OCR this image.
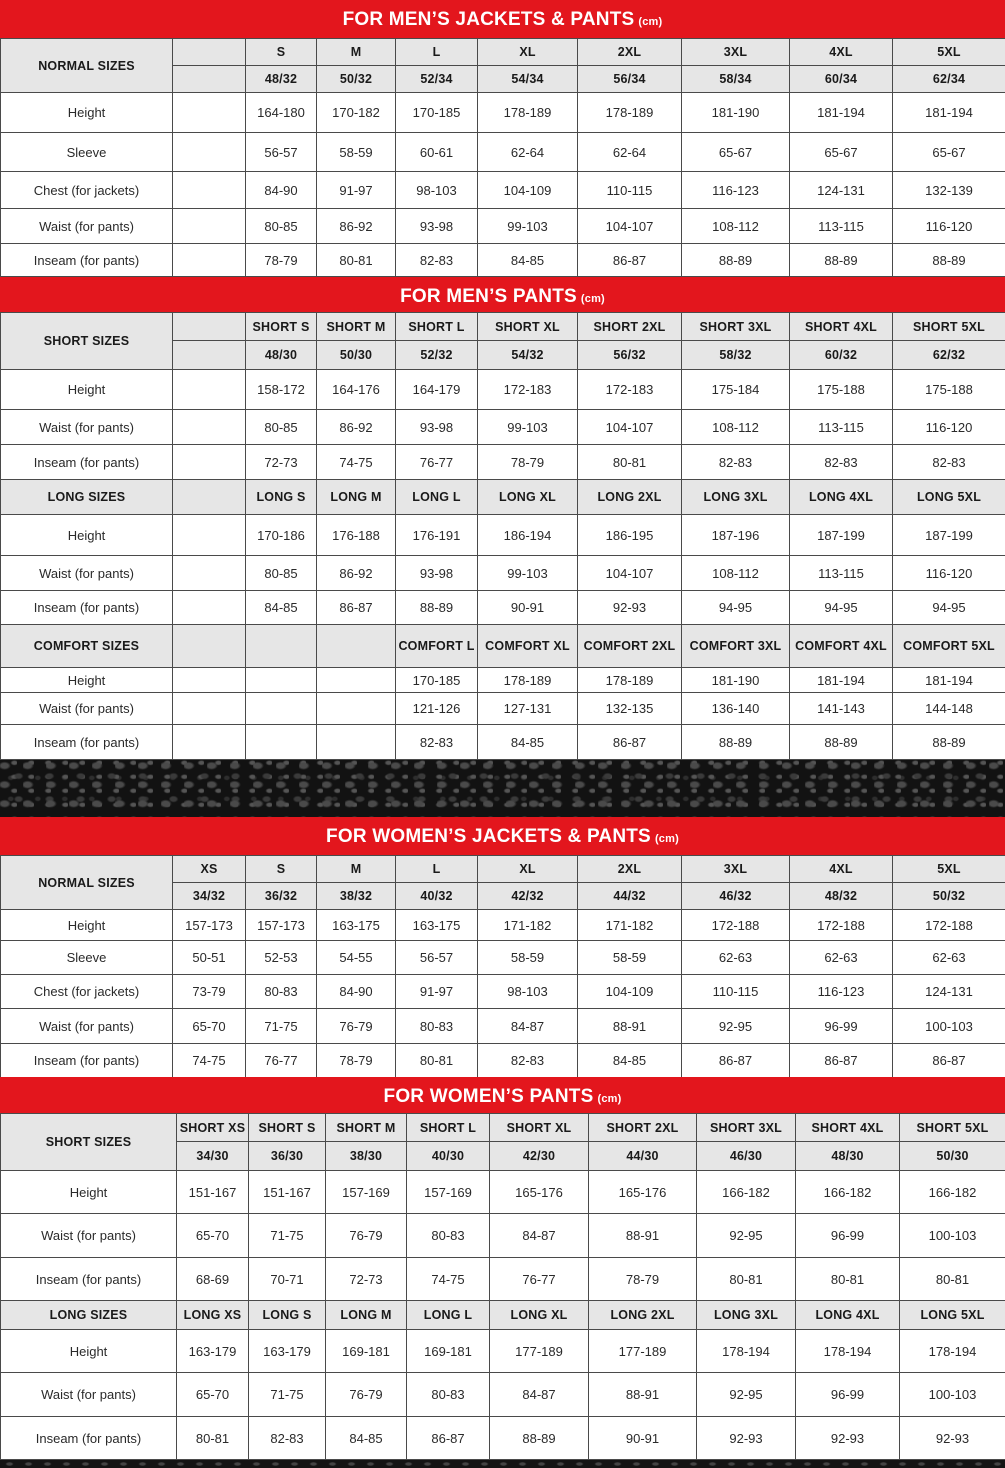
FOR MEN’S JACKETS & PANTS (cm)
NORMAL SIZES		S	M	L	XL	2XL	3XL	4XL	5XL
		48/32	50/32	52/34	54/34	56/34	58/34	60/34	62/34
Height		164-180	170-182	170-185	178-189	178-189	181-190	181-194	181-194
Sleeve		56-57	58-59	60-61	62-64	62-64	65-67	65-67	65-67
Chest (for jackets)		84-90	91-97	98-103	104-109	110-115	116-123	124-131	132-139
Waist (for pants)		80-85	86-92	93-98	99-103	104-107	108-112	113-115	116-120
Inseam (for pants)		78-79	80-81	82-83	84-85	86-87	88-89	88-89	88-89
FOR MEN’S PANTS (cm)
SHORT SIZES		SHORT S	SHORT M	SHORT L	SHORT XL	SHORT 2XL	SHORT 3XL	SHORT 4XL	SHORT 5XL
		48/30	50/30	52/32	54/32	56/32	58/32	60/32	62/32
Height		158-172	164-176	164-179	172-183	172-183	175-184	175-188	175-188
Waist (for pants)		80-85	86-92	93-98	99-103	104-107	108-112	113-115	116-120
Inseam (for pants)		72-73	74-75	76-77	78-79	80-81	82-83	82-83	82-83
LONG SIZES		LONG S	LONG M	LONG L	LONG XL	LONG 2XL	LONG 3XL	LONG 4XL	LONG 5XL
Height		170-186	176-188	176-191	186-194	186-195	187-196	187-199	187-199
Waist (for pants)		80-85	86-92	93-98	99-103	104-107	108-112	113-115	116-120
Inseam (for pants)		84-85	86-87	88-89	90-91	92-93	94-95	94-95	94-95
COMFORT SIZES				COMFORT L	COMFORT XL	COMFORT 2XL	COMFORT 3XL	COMFORT 4XL	COMFORT 5XL
Height				170-185	178-189	178-189	181-190	181-194	181-194
Waist (for pants)				121-126	127-131	132-135	136-140	141-143	144-148
Inseam (for pants)				82-83	84-85	86-87	88-89	88-89	88-89
FOR WOMEN’S JACKETS & PANTS (cm)
NORMAL SIZES	XS	S	M	L	XL	2XL	3XL	4XL	5XL
	34/32	36/32	38/32	40/32	42/32	44/32	46/32	48/32	50/32
Height	157-173	157-173	163-175	163-175	171-182	171-182	172-188	172-188	172-188
Sleeve	50-51	52-53	54-55	56-57	58-59	58-59	62-63	62-63	62-63
Chest (for jackets)	73-79	80-83	84-90	91-97	98-103	104-109	110-115	116-123	124-131
Waist (for pants)	65-70	71-75	76-79	80-83	84-87	88-91	92-95	96-99	100-103
Inseam (for pants)	74-75	76-77	78-79	80-81	82-83	84-85	86-87	86-87	86-87
FOR WOMEN’S PANTS (cm)
SHORT SIZES	SHORT XS	SHORT S	SHORT M	SHORT L	SHORT XL	SHORT 2XL	SHORT 3XL	SHORT 4XL	SHORT 5XL
	34/30	36/30	38/30	40/30	42/30	44/30	46/30	48/30	50/30
Height	151-167	151-167	157-169	157-169	165-176	165-176	166-182	166-182	166-182
Waist (for pants)	65-70	71-75	76-79	80-83	84-87	88-91	92-95	96-99	100-103
Inseam (for pants)	68-69	70-71	72-73	74-75	76-77	78-79	80-81	80-81	80-81
LONG SIZES	LONG XS	LONG S	LONG M	LONG L	LONG XL	LONG 2XL	LONG 3XL	LONG 4XL	LONG 5XL
Height	163-179	163-179	169-181	169-181	177-189	177-189	178-194	178-194	178-194
Waist (for pants)	65-70	71-75	76-79	80-83	84-87	88-91	92-95	96-99	100-103
Inseam (for pants)	80-81	82-83	84-85	86-87	88-89	90-91	92-93	92-93	92-93
